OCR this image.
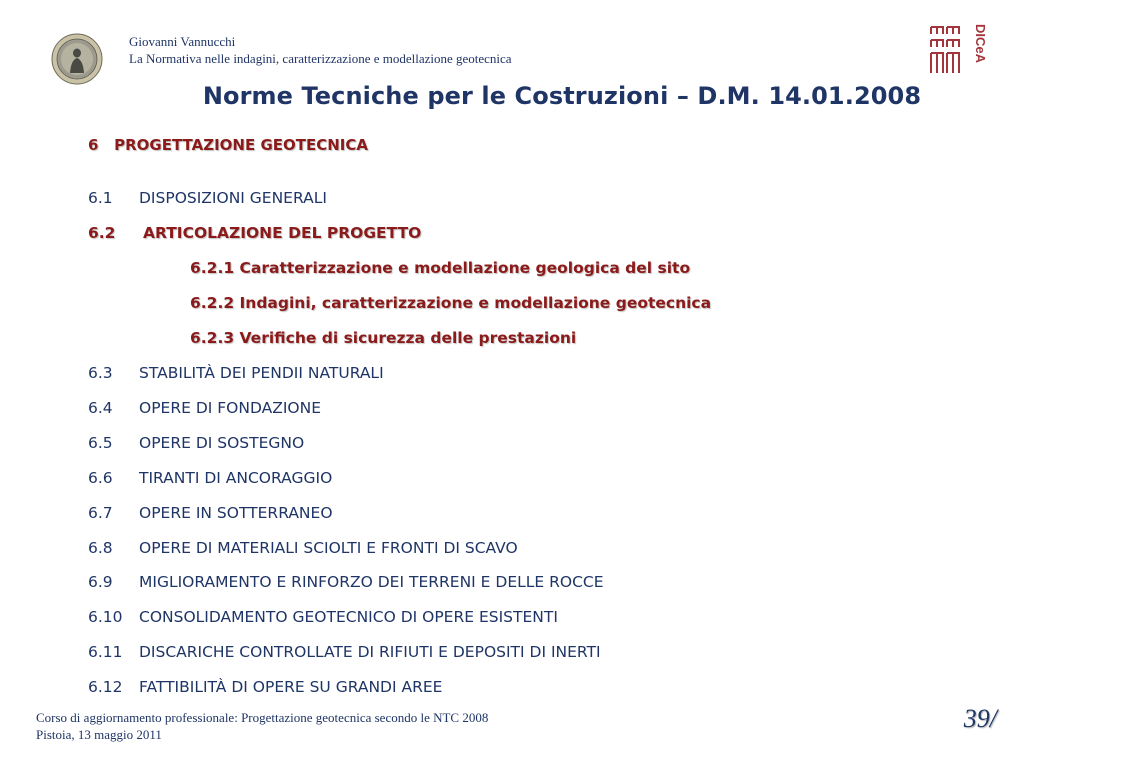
Giovanni Vannucchi
La Normativa nelle indagini, caratterizzazione e modellazione geotecnica	DICeA
Norme Tecniche per le Costruzioni – D.M. 14.01.2008
6   PROGETTAZIONE GEOTECNICA
6.1 DISPOSIZIONI GENERALI
6.2 ARTICOLAZIONE DEL PROGETTO
6.2.1 Caratterizzazione e modellazione geologica del sito
6.2.2 Indagini, caratterizzazione e modellazione geotecnica
6.2.3 Verifiche di sicurezza delle prestazioni
6.3 STABILITÀ DEI PENDII NATURALI
6.4 OPERE DI FONDAZIONE
6.5 OPERE DI SOSTEGNO
6.6 TIRANTI DI ANCORAGGIO
6.7 OPERE IN SOTTERRANEO
6.8 OPERE DI MATERIALI SCIOLTI E FRONTI DI SCAVO
6.9 MIGLIORAMENTO E RINFORZO DEI TERRENI E DELLE ROCCE
6.10 CONSOLIDAMENTO GEOTECNICO DI OPERE ESISTENTI
6.11 DISCARICHE CONTROLLATE DI RIFIUTI E DEPOSITI DI INERTI
6.12 FATTIBILITÀ DI OPERE SU GRANDI AREE
Corso di aggiornamento professionale: Progettazione geotecnica secondo le NTC 2008
Pistoia, 13 maggio 2011
39/
